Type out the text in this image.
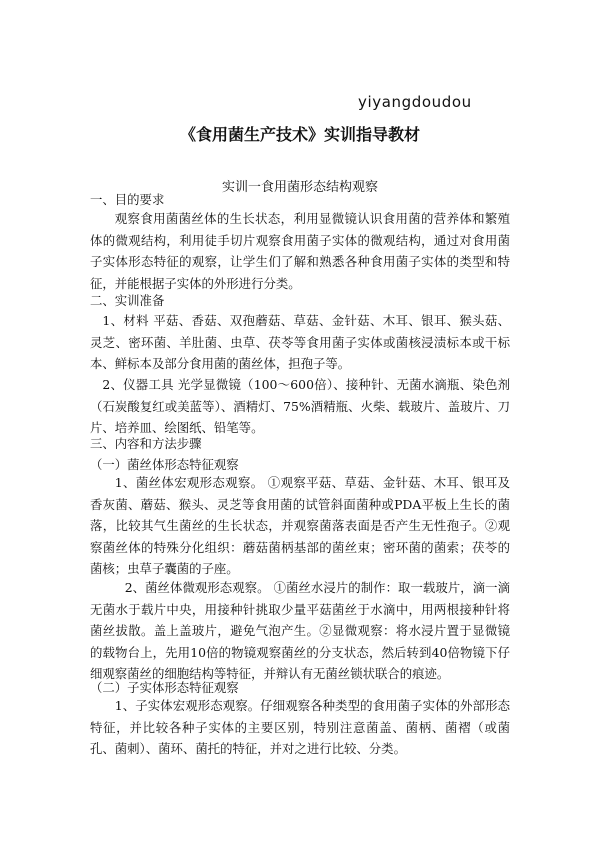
yiyangdoudou
《食用菌生产技术》实训指导教材
实训一食用菌形态结构观察
一、目的要求
观察食用菌菌丝体的生长状态，利用显微镜认识食用菌的营养体和繁殖体的微观结构，利用徒手切片观察食用菌子实体的微观结构，通过对食用菌子实体形态特征的观察，让学生们了解和熟悉各种食用菌子实体的类型和特征，并能根据子实体的外形进行分类。
二、实训准备
1、材料 平菇、香菇、双孢蘑菇、草菇、金针菇、木耳、银耳、猴头菇、灵芝、密环菌、羊肚菌、虫草、茯苓等食用菌子实体或菌核浸渍标本或干标本、鲜标本及部分食用菌的菌丝体，担孢子等。
2、仪器工具 光学显微镜（100～600倍）、接种针、无菌水滴瓶、染色剂（石炭酸复红或美蓝等）、酒精灯、75%酒精瓶、火柴、载玻片、盖玻片、刀片、培养皿、绘图纸、铅笔等。
三、内容和方法步骤
（一）菌丝体形态特征观察
1、菌丝体宏观形态观察。 ①观察平菇、草菇、金针菇、木耳、银耳及香灰菌、蘑菇、猴头、灵芝等食用菌的试管斜面菌种或PDA平板上生长的菌落，比较其气生菌丝的生长状态，并观察菌落表面是否产生无性孢子。②观察菌丝体的特殊分化组织：蘑菇菌柄基部的菌丝束；密环菌的菌索；茯苓的菌核；虫草子囊菌的子座。
2、菌丝体微观形态观察。 ①菌丝水浸片的制作：取一载玻片，滴一滴无菌水于载片中央，用接种针挑取少量平菇菌丝于水滴中，用两根接种针将菌丝拔散。盖上盖玻片，避免气泡产生。②显微观察：将水浸片置于显微镜的载物台上，先用10倍的物镜观察菌丝的分支状态，然后转到40倍物镜下仔细观察菌丝的细胞结构等特征，并辩认有无菌丝锁状联合的痕迹。
（二）子实体形态特征观察
1、子实体宏观形态观察。仔细观察各种类型的食用菌子实体的外部形态特征，并比较各种子实体的主要区别，特别注意菌盖、菌柄、菌褶（或菌孔、菌刺）、菌环、菌托的特征，并对之进行比较、分类。
